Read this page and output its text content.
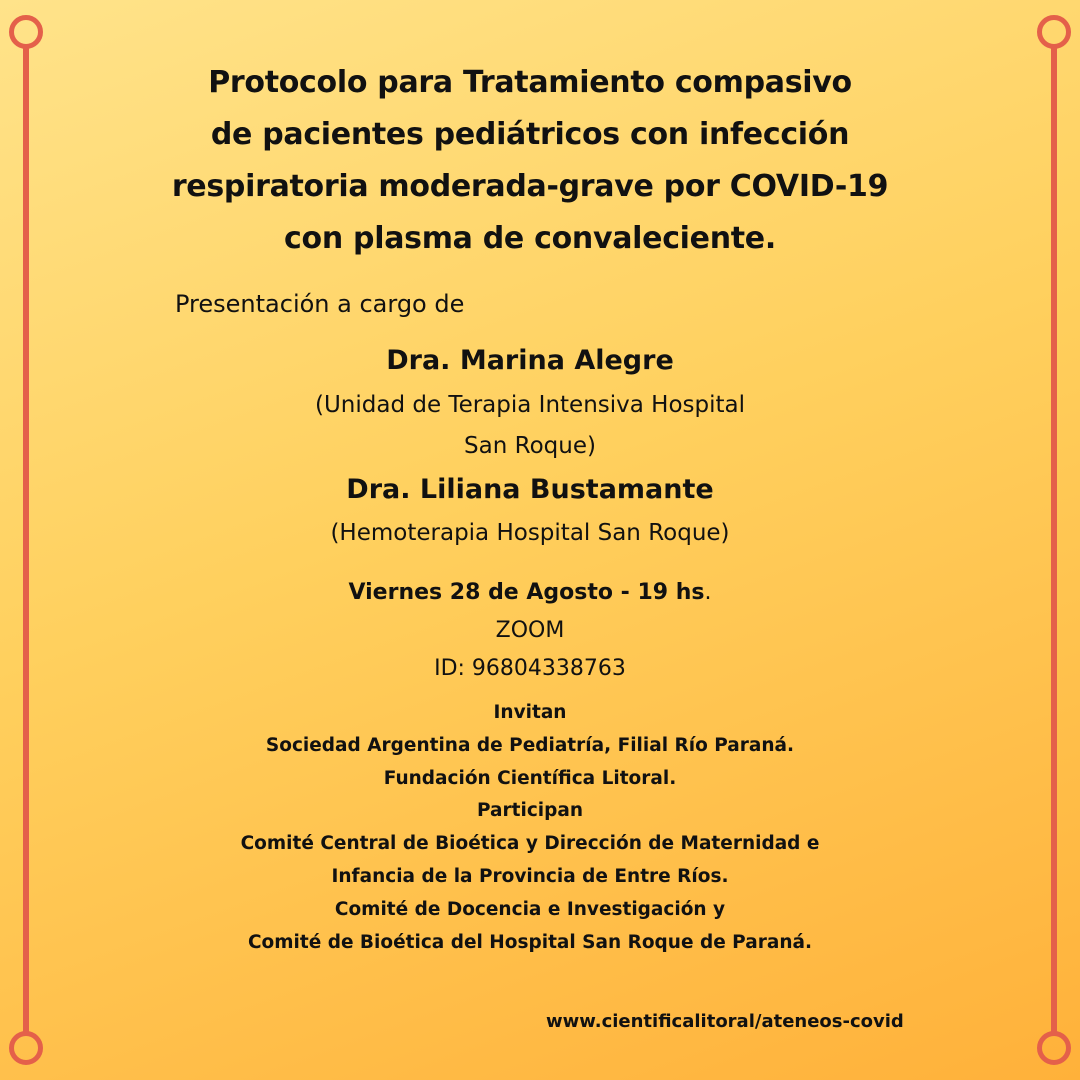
Protocolo para Tratamiento compasivo
de pacientes pediátricos con infección
respiratoria moderada-grave por COVID-19
con plasma de convaleciente.
Presentación a cargo de
Dra. Marina Alegre
(Unidad de Terapia Intensiva Hospital
San Roque)
Dra. Liliana Bustamante
(Hemoterapia Hospital San Roque)
Viernes 28 de Agosto - 19 hs.
ZOOM
ID: 96804338763
Invitan
Sociedad Argentina de Pediatría, Filial Río Paraná.
Fundación Científica Litoral.
Participan
Comité Central de Bioética y Dirección de Maternidad e
Infancia de la Provincia de Entre Ríos.
Comité de Docencia e Investigación y
Comité de Bioética del Hospital San Roque de Paraná.
www.cientificalitoral/ateneos-covid
